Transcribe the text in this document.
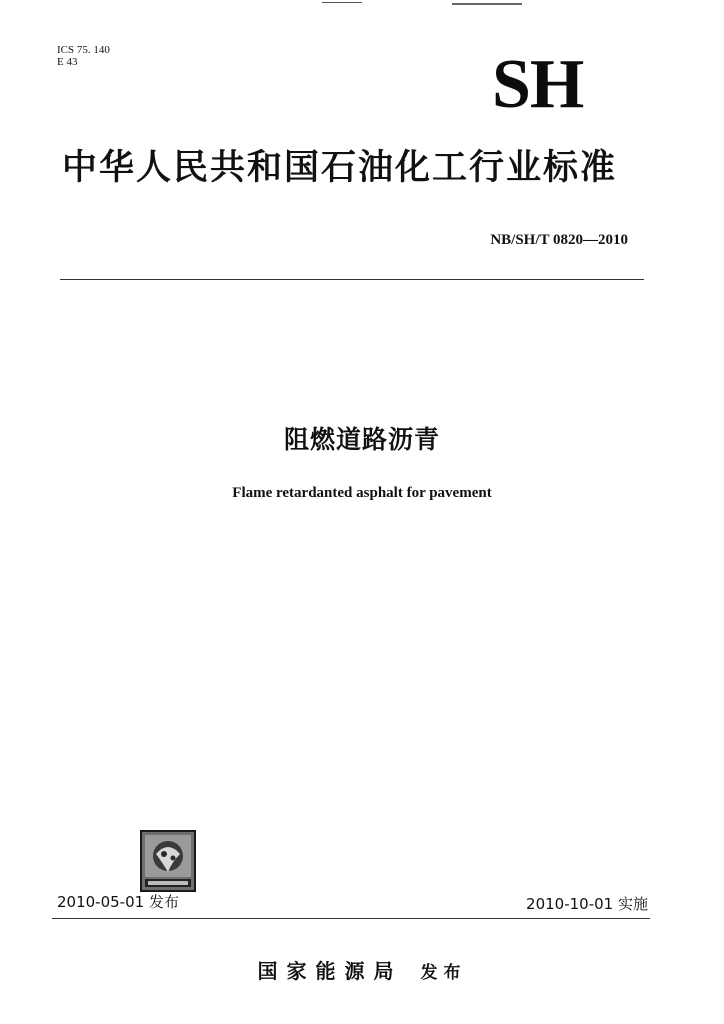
ICS 75. 140
E 43	SH
中华人民共和国石油化工行业标准
NB/SH/T 0820—2010
阻燃道路沥青
Flame retardanted asphalt for pavement
2010-05-01 发布	2010-10-01 实施
国家能源局 发布
